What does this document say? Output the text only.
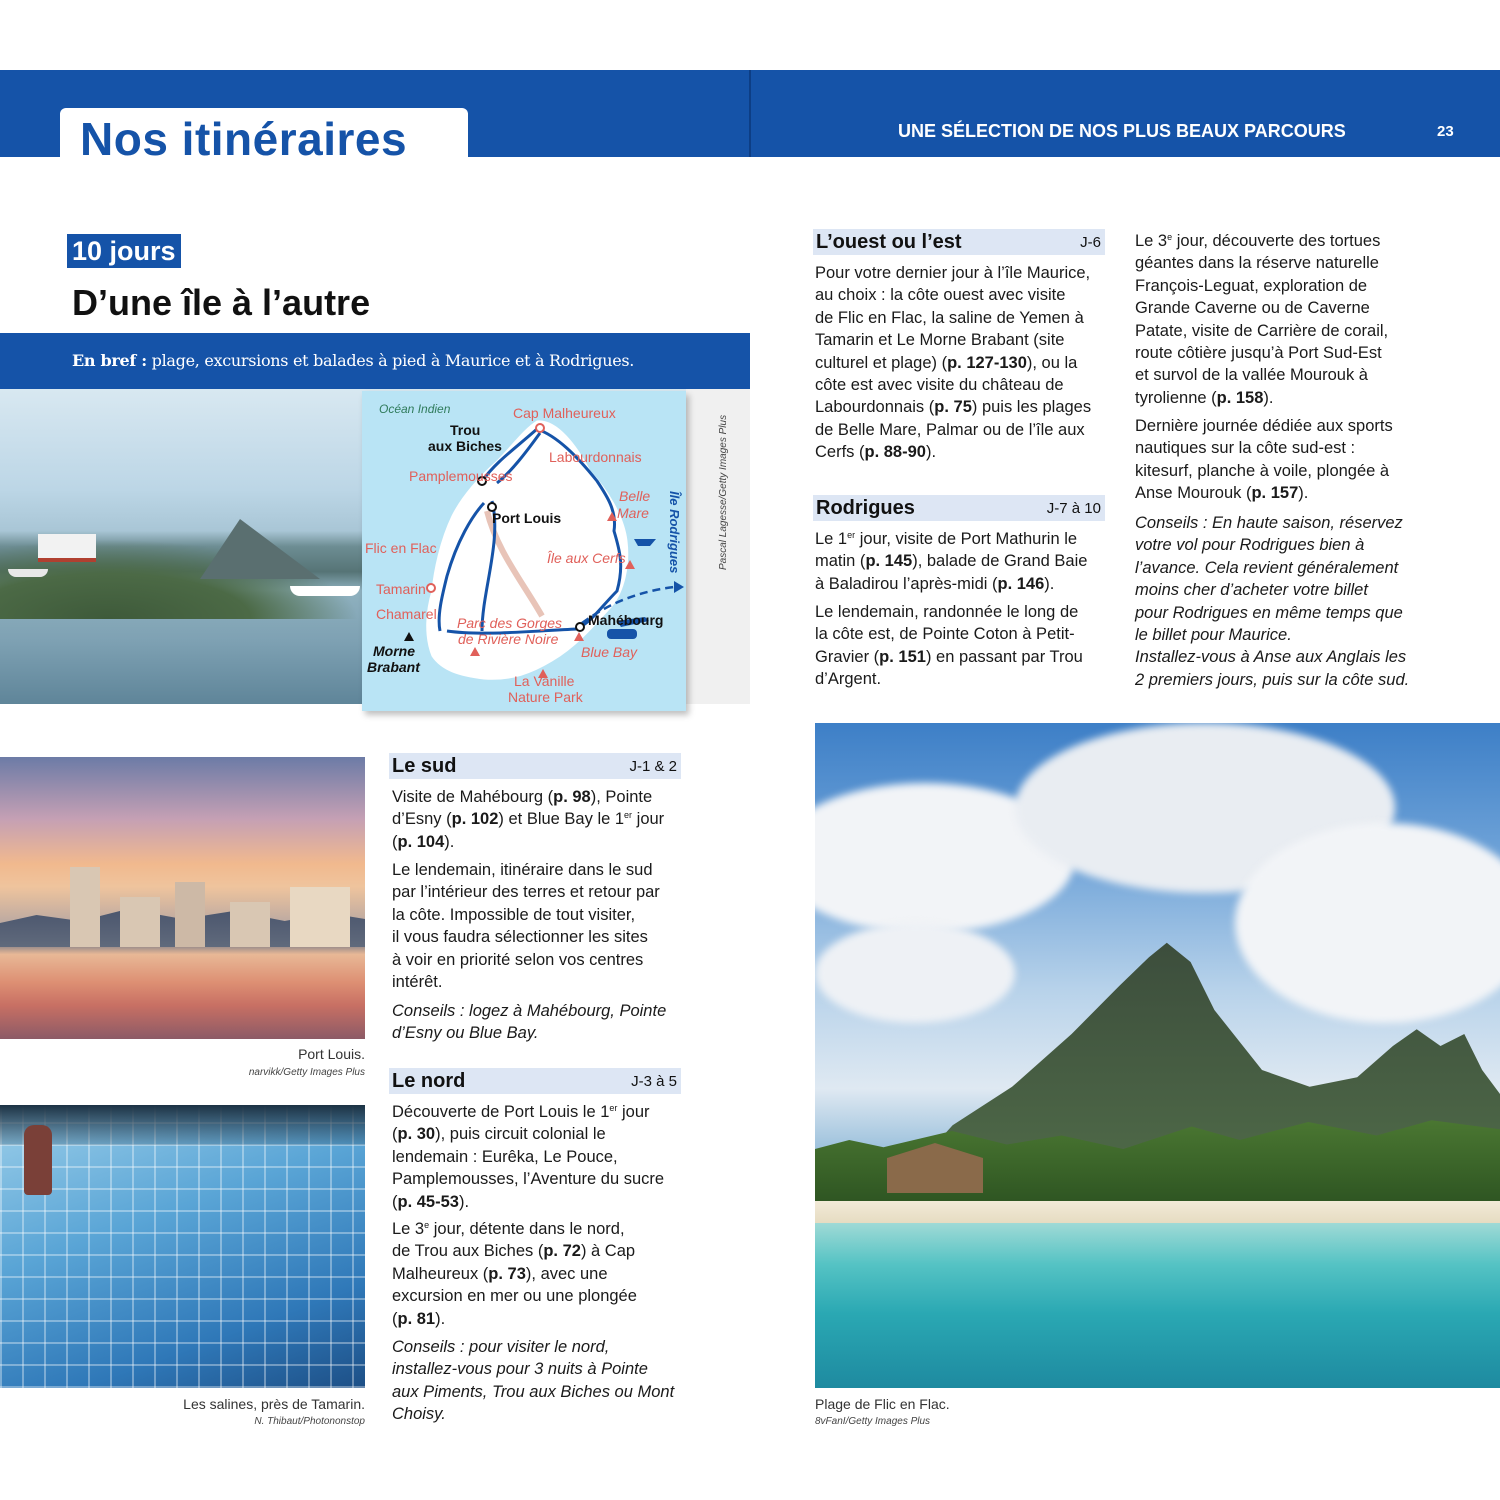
Nos itinéraires	UNE SÉLECTION DE NOS PLUS BEAUX PARCOURS	23
10 jours
D’une île à l’autre
En bref : plage, excursions et balades à pied à Maurice et à Rodrigues.
Océan Indien	Cap Malheureux
Trou
aux Biches
Labourdonnais
Pamplemousses
Belle
Mare
Port Louis
Flic en Flac
Île aux Cerfs
Tamarin
Chamarel
Parc des Gorges
de Rivière Noire
Mahébourg
Morne
Brabant
Blue Bay
La Vanille
Nature Park
Île Rodrigues	Pascal Lagesse/Getty Images Plus
Port Louis.
narvikk/Getty Images Plus
Les salines, près de Tamarin.
N. Thibaut/Photononstop
Le sud	J-1 & 2
Visite de Mahébourg (p. 98), Pointe
d’Esny (p. 102) et Blue Bay le 1er jour
(p. 104).
Le lendemain, itinéraire dans le sud
par l’intérieur des terres et retour par
la côte. Impossible de tout visiter,
il vous faudra sélectionner les sites
à voir en priorité selon vos centres
intérêt.
Conseils : logez à Mahébourg, Pointe
d’Esny ou Blue Bay.
Le nord	J-3 à 5
Découverte de Port Louis le 1er jour
(p. 30), puis circuit colonial le
lendemain : Eurêka, Le Pouce,
Pamplemousses, l’Aventure du sucre
(p. 45-53).
Le 3e jour, détente dans le nord,
de Trou aux Biches (p. 72) à Cap
Malheureux (p. 73), avec une
excursion en mer ou une plongée
(p. 81).
Conseils : pour visiter le nord,
installez-vous pour 3 nuits à Pointe
aux Piments, Trou aux Biches ou Mont
Choisy.
L’ouest ou l’est	J-6
Pour votre dernier jour à l’île Maurice,
au choix : la côte ouest avec visite
de Flic en Flac, la saline de Yemen à
Tamarin et Le Morne Brabant (site
culturel et plage) (p. 127-130), ou la
côte est avec visite du château de
Labourdonnais (p. 75) puis les plages
de Belle Mare, Palmar ou de l’île aux
Cerfs (p. 88-90).
Rodrigues	J-7 à 10
Le 1er jour, visite de Port Mathurin le
matin (p. 145), balade de Grand Baie
à Baladirou l’après-midi (p. 146).
Le lendemain, randonnée le long de
la côte est, de Pointe Coton à Petit-
Gravier (p. 151) en passant par Trou
d’Argent.
Le 3e jour, découverte des tortues
géantes dans la réserve naturelle
François-Leguat, exploration de
Grande Caverne ou de Caverne
Patate, visite de Carrière de corail,
route côtière jusqu’à Port Sud-Est
et survol de la vallée Mourouk à
tyrolienne (p. 158).
Dernière journée dédiée aux sports
nautiques sur la côte sud-est :
kitesurf, planche à voile, plongée à
Anse Mourouk (p. 157).
Conseils : En haute saison, réservez
votre vol pour Rodrigues bien à
l’avance. Cela revient généralement
moins cher d’acheter votre billet
pour Rodrigues en même temps que
le billet pour Maurice.
Installez-vous à Anse aux Anglais les
2 premiers jours, puis sur la côte sud.
Plage de Flic en Flac.
8vFanI/Getty Images Plus
